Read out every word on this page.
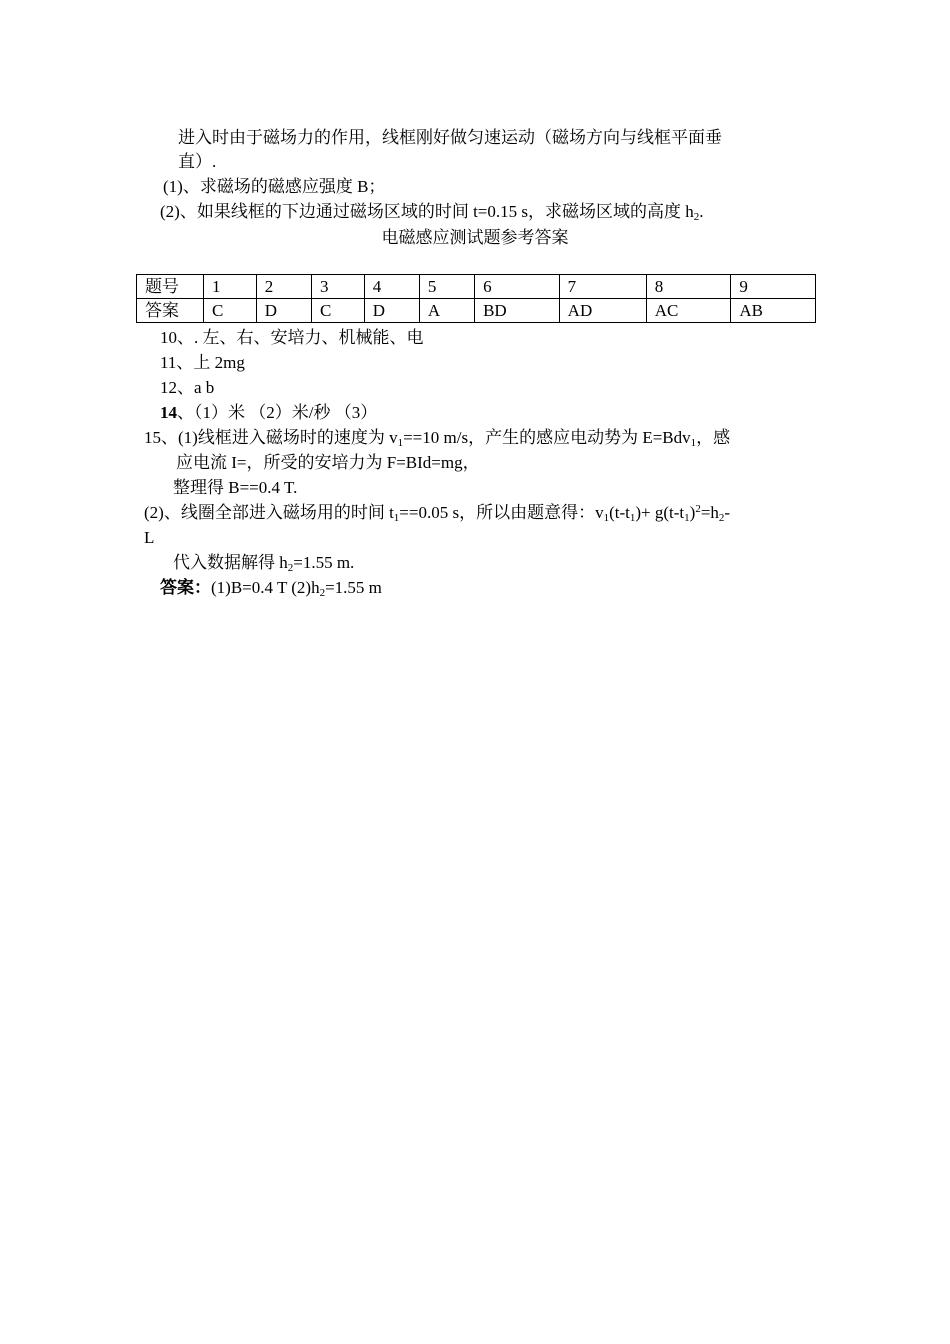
进入时由于磁场力的作用，线框刚好做匀速运动（磁场方向与线框平面垂
直）.
(1)、求磁场的磁感应强度 B；
(2)、如果线框的下边通过磁场区域的时间 t=0.15 s，求磁场区域的高度 $h_2$.
电磁感应测试题参考答案
题号	1	2	3	4	5	6	7	8	9
答案	C	D	C	D	A	BD	AD	AC	AB
10、. 左、右、安培力、机械能、电
11、上 2mg
12、a b
14、（1）米 （2）米/秒 （3）
15、(1)线框进入磁场时的速度为 $v_1==10$ m/s，产生的感应电动势为 E=Bdv$_1$，感
应电流 I=，所受的安培力为 F=BId=mg，
整理得 B==0.4 T.
(2)、线圈全部进入磁场用的时间 $t_1==0.05$ s，所以由题意得：$v_1(t-t_1)+ g(t-t_1)^2=h_2-$
L
代入数据解得 $h_2=1.55$ m.
答案：(1)B=0.4 T $(2)h_2=1.55$ m
